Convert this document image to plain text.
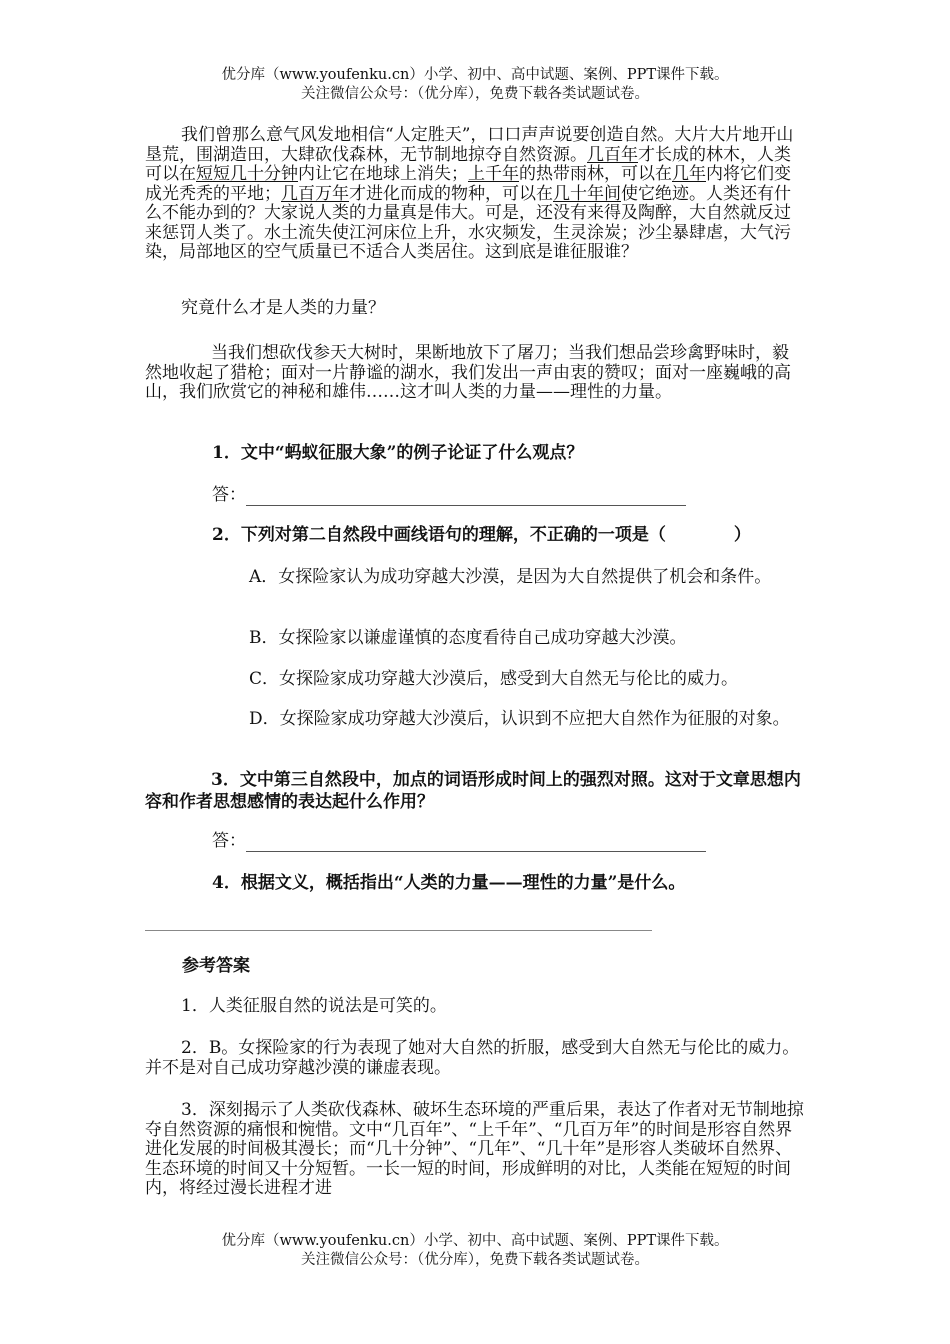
优分库（www.youfenku.cn）小学、初中、高中试题、案例、PPT课件下载。
关注微信公众号：（优分库），免费下载各类试题试卷。

我们曾那么意气风发地相信“人定胜天”，口口声声说要创造自然。大片大片地开山垦荒，围湖造田，大肆砍伐森林，无节制地掠夺自然资源。几百年才长成的林木，人类可以在短短几十分钟内让它在地球上消失；上千年的热带雨林，可以在几年内将它们变成光秃秃的平地；几百万年才进化而成的物种，可以在几十年间使它绝迹。人类还有什么不能办到的？大家说人类的力量真是伟大。可是，还没有来得及陶醉，大自然就反过来惩罚人类了。水土流失使江河床位上升，水灾频发，生灵涂炭；沙尘暴肆虐，大气污染，局部地区的空气质量已不适合人类居住。这到底是谁征服谁？

究竟什么才是人类的力量？

当我们想砍伐参天大树时，果断地放下了屠刀；当我们想品尝珍禽野味时，毅然地收起了猎枪；面对一片静谧的湖水，我们发出一声由衷的赞叹；面对一座巍峨的高山，我们欣赏它的神秘和雄伟……这才叫人类的力量——理性的力量。

1．文中“蚂蚁征服大象”的例子论证了什么观点？
答：
2．下列对第二自然段中画线语句的理解，不正确的一项是（　　　　）
A．女探险家认为成功穿越大沙漠，是因为大自然提供了机会和条件。
B．女探险家以谦虚谨慎的态度看待自己成功穿越大沙漠。
C．女探险家成功穿越大沙漠后，感受到大自然无与伦比的威力。
D．女探险家成功穿越大沙漠后，认识到不应把大自然作为征服的对象。
3．文中第三自然段中，加点的词语形成时间上的强烈对照。这对于文章思想内容和作者思想感情的表达起什么作用？
答：
4．根据文义，概括指出“人类的力量——理性的力量”是什么。
参考答案
1．人类征服自然的说法是可笑的。
2．B。女探险家的行为表现了她对大自然的折服，感受到大自然无与伦比的威力。并不是对自己成功穿越沙漠的谦虚表现。
3．深刻揭示了人类砍伐森林、破坏生态环境的严重后果，表达了作者对无节制地掠夺自然资源的痛恨和惋惜。文中“几百年”、“上千年”、“几百万年”的时间是形容自然界进化发展的时间极其漫长；而“几十分钟”、“几年”、“几十年”是形容人类破坏自然界、生态环境的时间又十分短暂。一长一短的时间，形成鲜明的对比，人类能在短短的时间内，将经过漫长进程才进
优分库（www.youfenku.cn）小学、初中、高中试题、案例、PPT课件下载。
关注微信公众号：（优分库），免费下载各类试题试卷。
